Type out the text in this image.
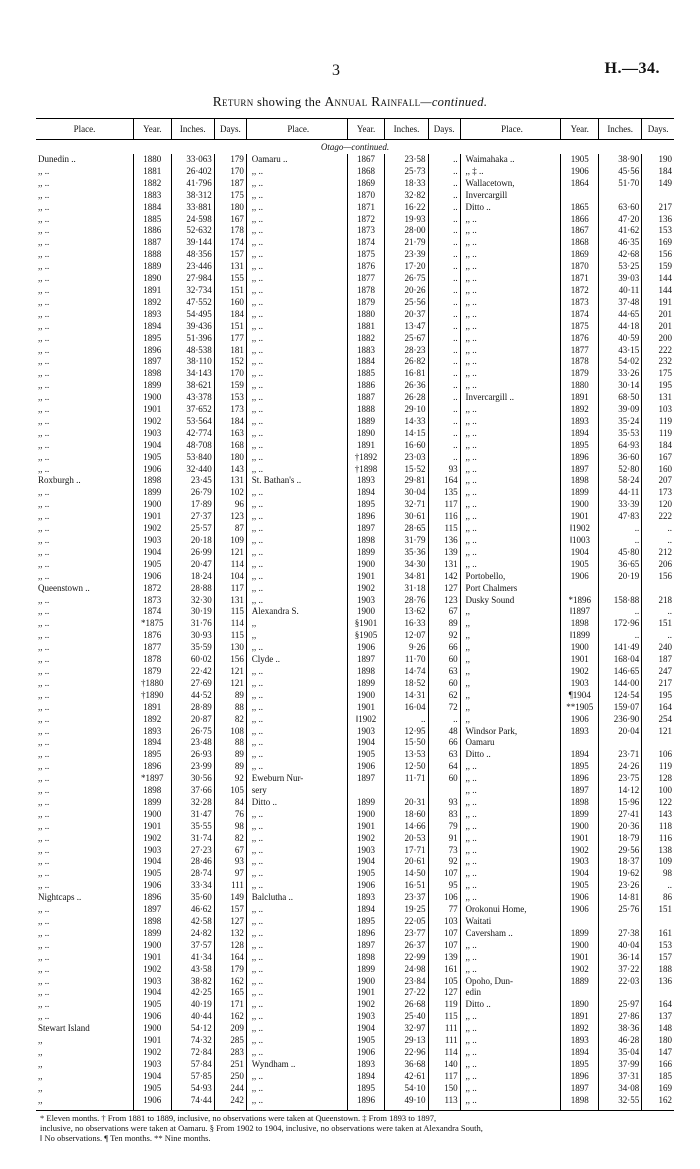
3	H.—34.
Return showing the Annual Rainfall—continued.
Place.	Year.	Inches.	Days.		Place.	Year.	Inches.	Days.		Place.	Year.	Inches.	Days.
Otago—continued.													
Dunedin ..	1880	33·063	179		Oamaru ..	1867	23·58	..		Waimahaka ..	1905	38·90	190
,, ..	1881	26·402	170		,, ..	1868	25·73	..		,, ‡ ..	1906	45·56	184
,, ..	1882	41·796	187		,, ..	1869	18·33	..		Wallacetown,	1864	51·70	149
,, ..	1883	38·312	175		,, ..	1870	32·82	..		Invercargill			
,, ..	1884	33·881	180		,, ..	1871	16·22	..		Ditto ..	1865	63·60	217
,, ..	1885	24·598	167		,, ..	1872	19·93	..		,, ..	1866	47·20	136
,, ..	1886	52·632	178		,, ..	1873	28·00	..		,, ..	1867	41·62	153
,, ..	1887	39·144	174		,, ..	1874	21·79	..		,, ..	1868	46·35	169
,, ..	1888	48·356	157		,, ..	1875	23·39	..		,, ..	1869	42·68	156
,, ..	1889	23·446	131		,, ..	1876	17·20	..		,, ..	1870	53·25	159
,, ..	1890	27·984	155		,, ..	1877	26·75	..		,, ..	1871	39·03	144
,, ..	1891	32·734	151		,, ..	1878	20·26	..		,, ..	1872	40·11	144
,, ..	1892	47·552	160		,, ..	1879	25·56	..		,, ..	1873	37·48	191
,, ..	1893	54·495	184		,, ..	1880	20·37	..		,, ..	1874	44·65	201
,, ..	1894	39·436	151		,, ..	1881	13·47	..		,, ..	1875	44·18	201
,, ..	1895	51·396	177		,, ..	1882	25·67	..		,, ..	1876	40·59	200
,, ..	1896	48·538	181		,, ..	1883	28·23	..		,, ..	1877	43·15	222
,, ..	1897	38·110	152		,, ..	1884	26·82	..		,, ..	1878	54·02	232
,, ..	1898	34·143	170		,, ..	1885	16·81	..		,, ..	1879	33·26	175
,, ..	1899	38·621	159		,, ..	1886	26·36	..		,, ..	1880	30·14	195
,, ..	1900	43·378	153		,, ..	1887	26·28	..		Invercargill ..	1891	68·50	131
,, ..	1901	37·652	173		,, ..	1888	29·10	..		,, ..	1892	39·09	103
,, ..	1902	53·564	184		,, ..	1889	14·33	..		,, ..	1893	35·24	119
,, ..	1903	42·774	163		,, ..	1890	14·15	..		,, ..	1894	35·53	119
,, ..	1904	48·708	168		,, ..	1891	16·60	..		,, ..	1895	64·93	184
,, ..	1905	53·840	180		,, ..	†1892	23·03	..		,, ..	1896	36·60	167
,, ..	1906	32·440	143		,, ..	†1898	15·52	93		,, ..	1897	52·80	160
Roxburgh ..	1898	23·45	131		St. Bathan's ..	1893	29·81	164		,, ..	1898	58·24	207
,, ..	1899	26·79	102		,, ..	1894	30·04	135		,, ..	1899	44·11	173
,, ..	1900	17·89	96		,, ..	1895	32·71	117		,, ..	1900	33·39	120
,, ..	1901	27·37	123		,, ..	1896	30·61	116		,, ..	1901	47·83	222
,, ..	1902	25·57	87		,, ..	1897	28·65	115		,, ..	‖1902	..	..
,, ..	1903	20·18	109		,, ..	1898	31·79	136		,, ..	‖1003	..	..
,, ..	1904	26·99	121		,, ..	1899	35·36	139		,, ..	1904	45·80	212
,, ..	1905	20·47	114		,, ..	1900	34·30	131		,, ..	1905	36·65	206
,, ..	1906	18·24	104		,, ..	1901	34·81	142		Portobello,	1906	20·19	156
Queenstown ..	1872	28·88	117		,, ..	1902	31·18	127		Port Chalmers			
,, ..	1873	32·30	131		,, ..	1903	28·76	123		Dusky Sound	*1896	158·88	218
,, ..	1874	30·19	115		Alexandra S.	1900	13·62	67		,,	‖1897	..	..
,, ..	*1875	31·76	114		,,	§1901	16·33	89		,,	1898	172·96	151
,, ..	1876	30·93	115		,,	§1905	12·07	92		,,	‖1899	..	..
,, ..	1877	35·59	130		,, ..	1906	9·26	66		,,	1900	141·49	240
,, ..	1878	60·02	156		Clyde ..	1897	11·70	60		,,	1901	168·04	187
,, ..	1879	22·42	121		,, ..	1898	14·74	63		,,	1902	146·65	247
,, ..	†1880	27·69	121		,, ..	1899	18·52	60		,,	1903	144·00	217
,, ..	†1890	44·52	89		,, ..	1900	14·31	62		,,	¶1904	124·54	195
,, ..	1891	28·89	88		,, ..	1901	16·04	72		,,	**1905	159·07	164
,, ..	1892	20·87	82		,, ..	‖1902	..	..		,,	1906	236·90	254
,, ..	1893	26·75	108		,, ..	1903	12·95	48		Windsor Park,	1893	20·04	121
,, ..	1894	23·48	88		,, ..	1904	15·50	66		Oamaru			
,, ..	1895	26·93	89		,, ..	1905	13·53	63		Ditto ..	1894	23·71	106
,, ..	1896	23·99	89		,, ..	1906	12·50	64		,, ..	1895	24·26	119
,, ..	*1897	30·56	92		Eweburn Nur-	1897	11·71	60		,, ..	1896	23·75	128
,, ..	1898	37·66	105		sery					,, ..	1897	14·12	100
,, ..	1899	32·28	84		Ditto ..	1899	20·31	93		,, ..	1898	15·96	122
,, ..	1900	31·47	76		,, ..	1900	18·60	83		,, ..	1899	27·41	143
,, ..	1901	35·55	98		,, ..	1901	14·66	79		,, ..	1900	20·36	118
,, ..	1902	31·74	82		,, ..	1902	20·53	91		,, ..	1901	18·79	116
,, ..	1903	27·23	67		,, ..	1903	17·71	73		,, ..	1902	29·56	138
,, ..	1904	28·46	93		,, ..	1904	20·61	92		,, ..	1903	18·37	109
,, ..	1905	28·74	97		,, ..	1905	14·50	107		,, ..	1904	19·62	98
,, ..	1906	33·34	111		,, ..	1906	16·51	95		,, ..	1905	23·26	..
Nightcaps ..	1896	35·60	149		Balclutha ..	1893	23·37	106		,, ..	1906	14·81	86
,, ..	1897	46·62	157		,, ..	1894	19·25	77		Orokonui Home,	1906	25·76	151
,, ..	1898	42·58	127		,, ..	1895	22·05	103		Waitati			
,, ..	1899	24·82	132		,, ..	1896	23·77	107		Caversham ..	1899	27·38	161
,, ..	1900	37·57	128		,, ..	1897	26·37	107		,, ..	1900	40·04	153
,, ..	1901	41·34	164		,, ..	1898	22·99	139		,, ..	1901	36·14	157
,, ..	1902	43·58	179		,, ..	1899	24·98	161		,, ..	1902	37·22	188
,, ..	1903	38·82	162		,, ..	1900	23·84	105		Opoho, Dun-	1889	22·03	136
,, ..	1904	42·25	165		,, ..	1901	27·22	127		edin			
,, ..	1905	40·19	171		,, ..	1902	26·68	119		Ditto ..	1890	25·97	164
,, ..	1906	40·44	162		,, ..	1903	25·40	115		,, ..	1891	27·86	137
Stewart Island	1900	54·12	209		,, ..	1904	32·97	111		,, ..	1892	38·36	148
,,	1901	74·32	285		,, ..	1905	29·13	111		,, ..	1893	46·28	180
,,	1902	72·84	283		,, ..	1906	22·96	114		,, ..	1894	35·04	147
,,	1903	57·84	251		Wyndham ..	1893	36·68	140		,, ..	1895	37·99	166
,,	1904	57·85	250		,, ..	1894	42·61	117		,, ..	1896	37·31	185
,,	1905	54·93	244		,, ..	1895	54·10	150		,, ..	1897	34·08	169
,,	1906	74·44	242		,, ..	1896	49·10	113		,, ..	1898	32·55	162

* Eleven months. † From 1881 to 1889, inclusive, no observations were taken at Queenstown. ‡ From 1893 to 1897,
inclusive, no observations were taken at Oamaru. § From 1902 to 1904, inclusive, no observations were taken at Alexandra South,
‖ No observations. ¶ Ten months. ** Nine months.
